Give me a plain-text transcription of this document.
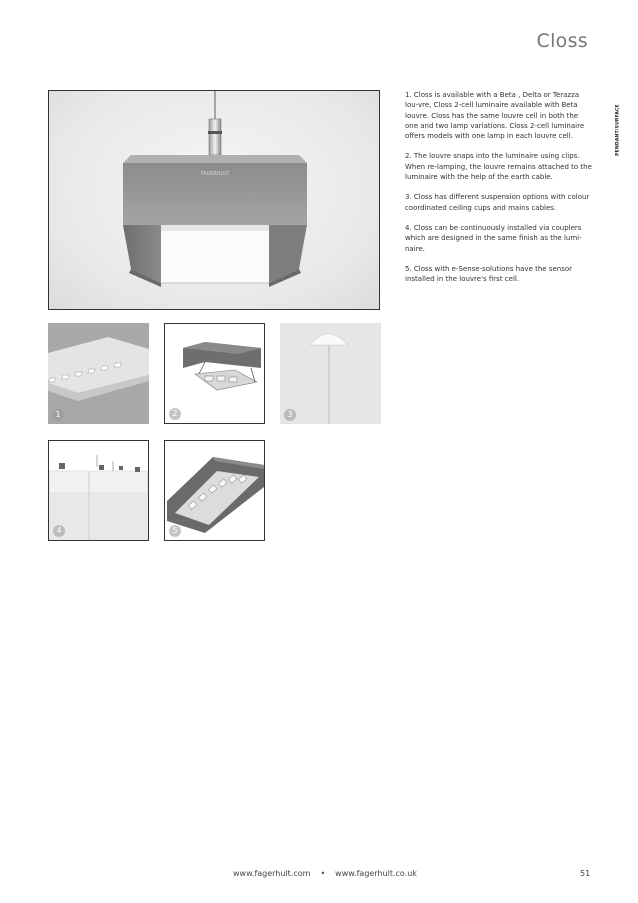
Closs
PENDANT/SURFACE
FAGERHULT
1	2	3
4	5

1. Closs is available with a Beta , Delta or Terazza lou-vre, Closs 2-cell luminaire available with Beta louvre. Closs has the same louvre cell in both the one and two lamp variations. Closs 2-cell luminaire offers models with one lamp in each louvre cell.

2. The louvre snaps into the luminaire using clips. When re-lamping, the louvre remains attached to the luminaire with the help of the earth cable.

3. Closs has different suspension options with colour coordinated ceiling cups and mains cables.

4. Closs can be continuously installed via couplers which are designed in the same finish as the lumi-naire.

5. Closs with e-Sense-solutions have the sensor installed in the louvre's first cell.

www.fagerhult.com • www.fagerhult.co.uk	51
